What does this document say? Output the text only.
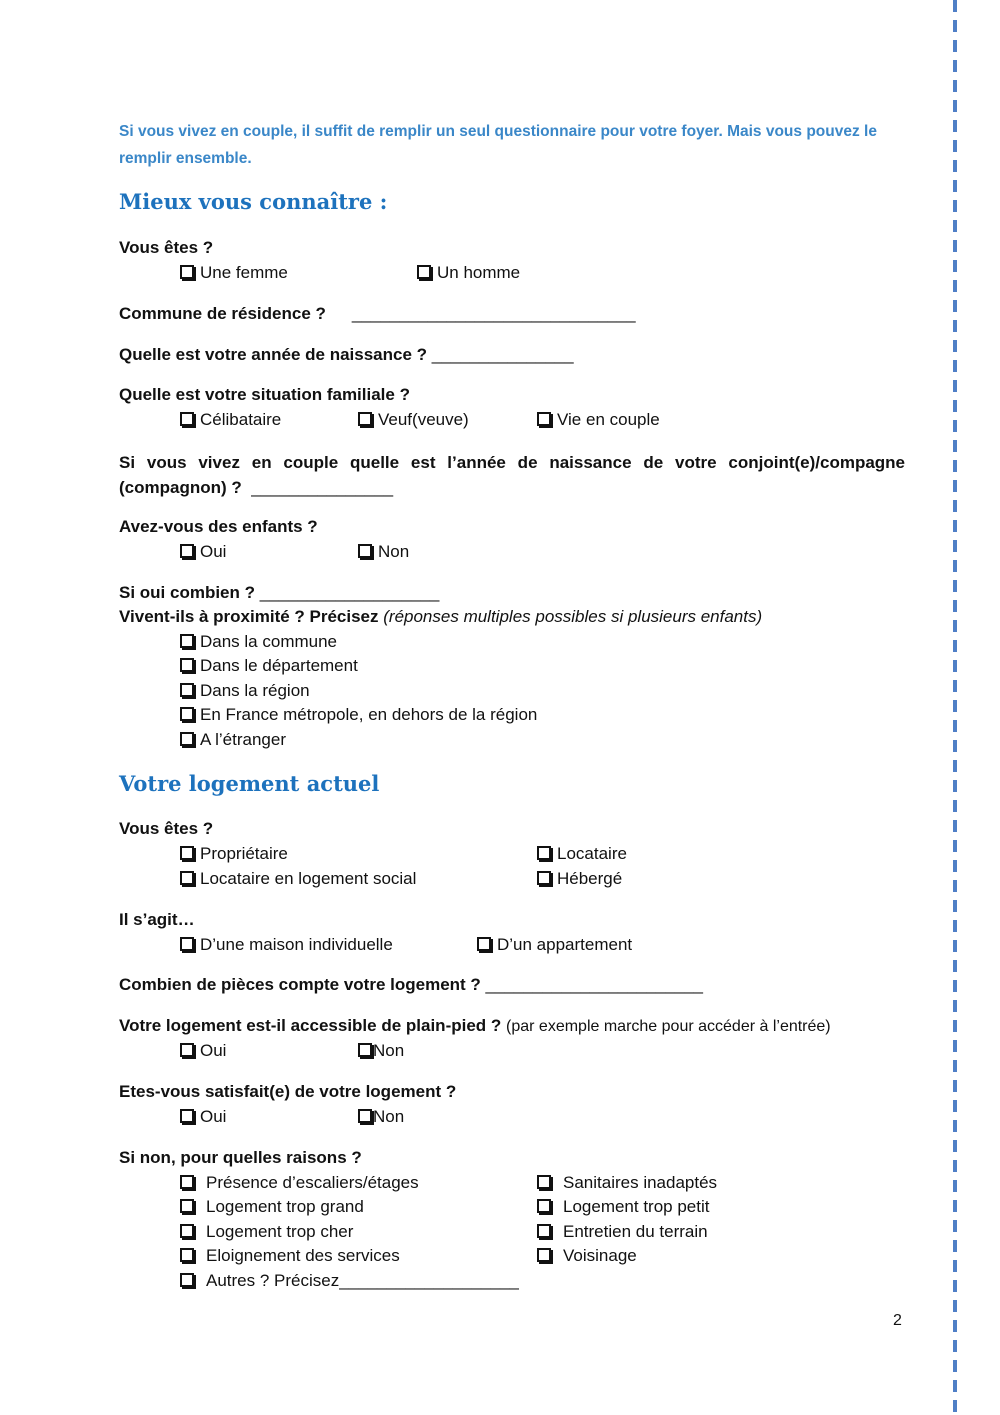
Si vous vivez en couple, il suffit de remplir un seul questionnaire pour votre foyer. Mais vous pouvez le remplir ensemble.
Mieux vous connaître :
Vous êtes ?
Une femme	Un homme
Commune de résidence ? ______________________________
Quelle est votre année de naissance ? _______________
Quelle est votre situation familiale ?
Célibataire	Veuf(veuve)	Vie en couple
Si vous vivez en couple quelle est l’année de naissance de votre conjoint(e)/compagne (compagnon) ? _______________
Avez-vous des enfants ?
Oui	Non
Si oui combien ? ___________________
Vivent-ils à proximité ? Précisez (réponses multiples possibles si plusieurs enfants)
Dans la commune
Dans le département
Dans la région
En France métropole, en dehors de la région
A l’étranger
Votre logement actuel
Vous êtes ?
Propriétaire	Locataire
Locataire en logement social	Hébergé
Il s’agit…
D’une maison individuelle	D’un appartement
Combien de pièces compte votre logement ? _______________________
Votre logement est-il accessible de plain-pied ? (par exemple marche pour accéder à l’entrée)
Oui	Non
Etes-vous satisfait(e) de votre logement ?
Oui	Non
Si non, pour quelles raisons ?
Présence d’escaliers/étages	Sanitaires inadaptés
Logement trop grand	Logement trop petit
Logement trop cher	Entretien du terrain
Eloignement des services	Voisinage
Autres ? Précisez___________________
2
